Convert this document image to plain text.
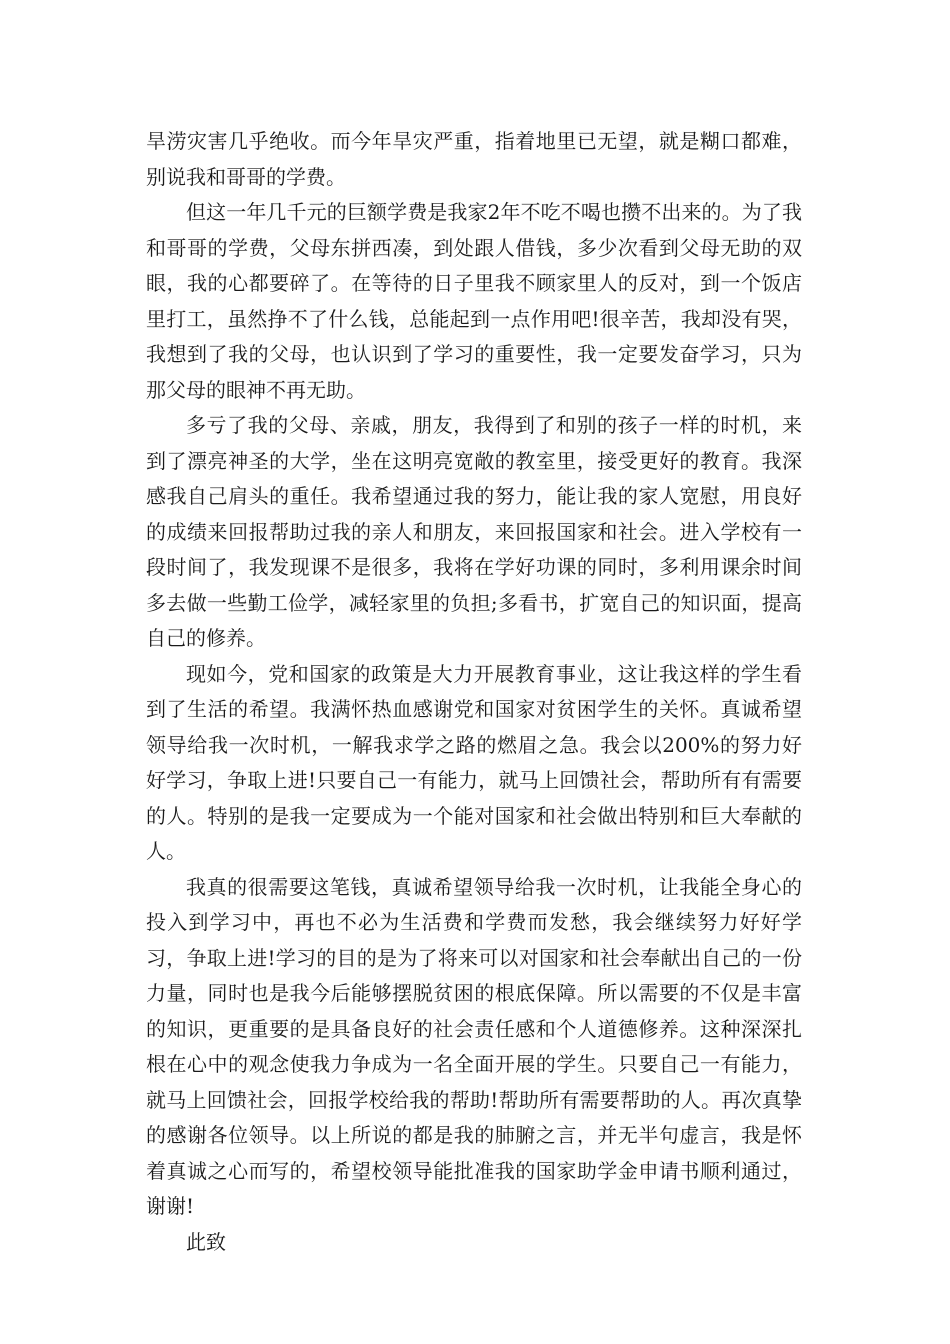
旱涝灾害几乎绝收。而今年旱灾严重，指着地里已无望，就是糊口都难，别说我和哥哥的学费。

但这一年几千元的巨额学费是我家2年不吃不喝也攒不出来的。为了我和哥哥的学费，父母东拼西凑，到处跟人借钱，多少次看到父母无助的双眼，我的心都要碎了。在等待的日子里我不顾家里人的反对，到一个饭店里打工，虽然挣不了什么钱，总能起到一点作用吧!很辛苦，我却没有哭，我想到了我的父母，也认识到了学习的重要性，我一定要发奋学习，只为那父母的眼神不再无助。

多亏了我的父母、亲戚，朋友，我得到了和别的孩子一样的时机，来到了漂亮神圣的大学，坐在这明亮宽敞的教室里，接受更好的教育。我深感我自己肩头的重任。我希望通过我的努力，能让我的家人宽慰，用良好的成绩来回报帮助过我的亲人和朋友，来回报国家和社会。进入学校有一段时间了，我发现课不是很多，我将在学好功课的同时，多利用课余时间多去做一些勤工俭学，减轻家里的负担;多看书，扩宽自己的知识面，提高自己的修养。

现如今，党和国家的政策是大力开展教育事业，这让我这样的学生看到了生活的希望。我满怀热血感谢党和国家对贫困学生的关怀。真诚希望领导给我一次时机，一解我求学之路的燃眉之急。我会以200%的努力好好学习，争取上进!只要自己一有能力，就马上回馈社会，帮助所有有需要的人。特别的是我一定要成为一个能对国家和社会做出特别和巨大奉献的人。

我真的很需要这笔钱，真诚希望领导给我一次时机，让我能全身心的投入到学习中，再也不必为生活费和学费而发愁，我会继续努力好好学习，争取上进!学习的目的是为了将来可以对国家和社会奉献出自己的一份力量，同时也是我今后能够摆脱贫困的根底保障。所以需要的不仅是丰富的知识，更重要的是具备良好的社会责任感和个人道德修养。这种深深扎根在心中的观念使我力争成为一名全面开展的学生。只要自己一有能力，就马上回馈社会，回报学校给我的帮助!帮助所有需要帮助的人。再次真挚的感谢各位领导。以上所说的都是我的肺腑之言，并无半句虚言，我是怀着真诚之心而写的，希望校领导能批准我的国家助学金申请书顺利通过，谢谢!

此致
